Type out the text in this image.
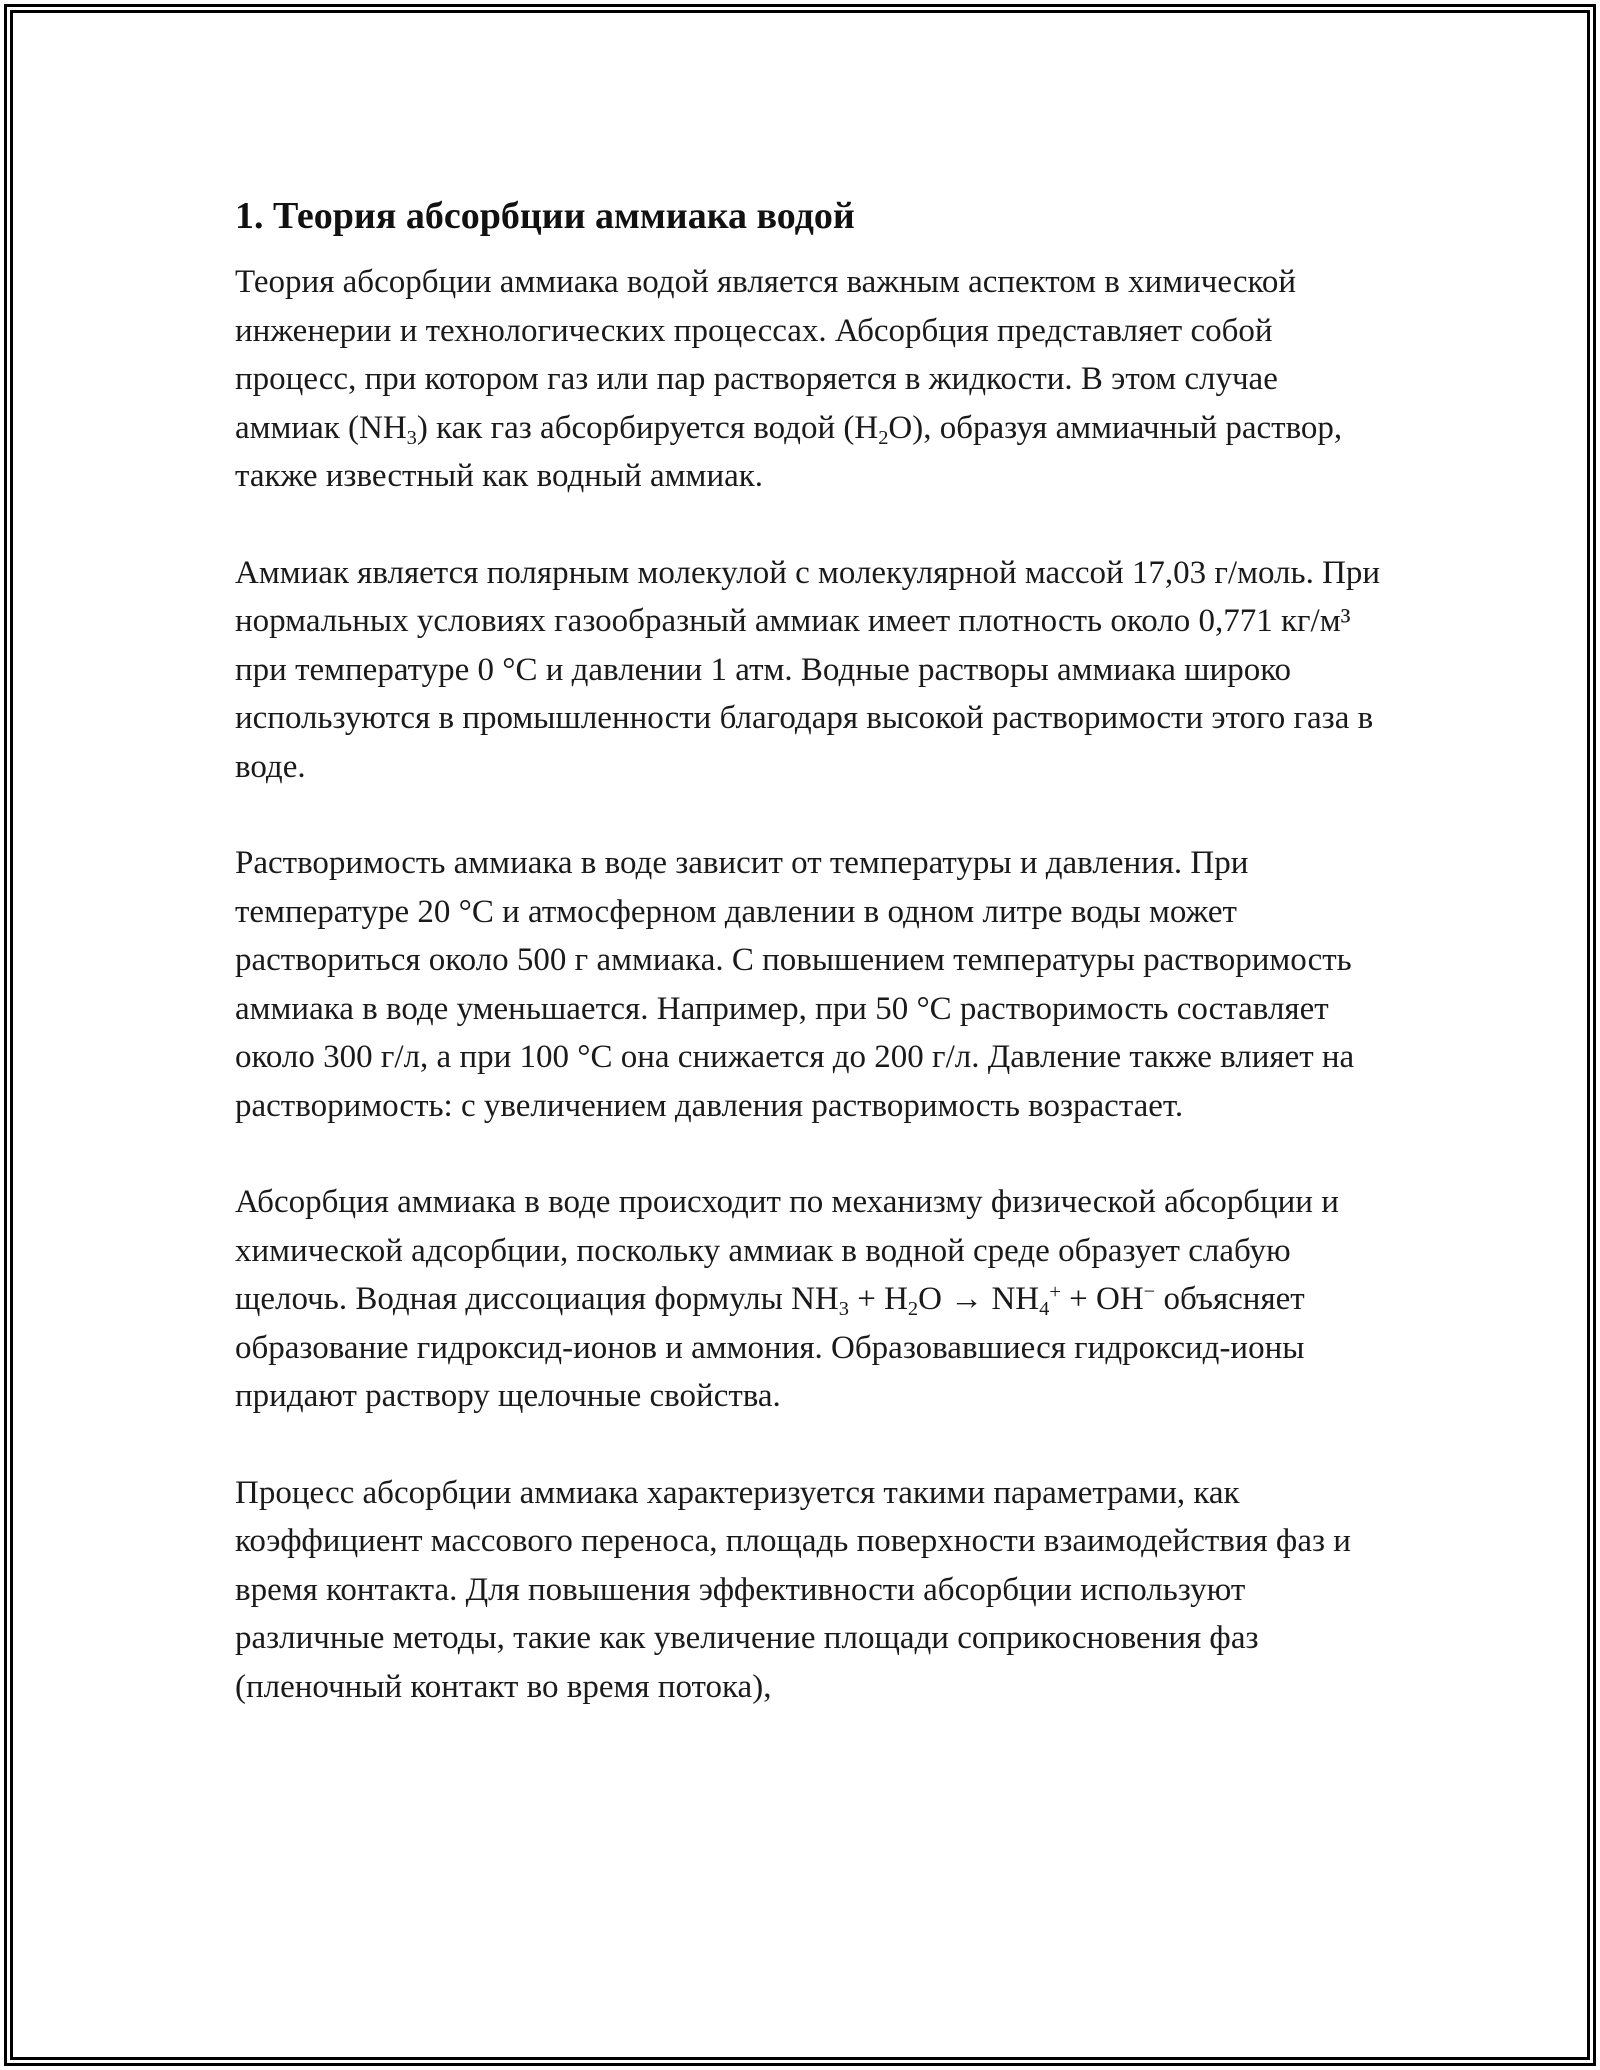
1. Теория абсорбции аммиака водой

Теория абсорбции аммиака водой является важным аспектом в химической инженерии и технологических процессах. Абсорбция представляет собой процесс, при котором газ или пар растворяется в жидкости. В этом случае аммиак $(NH_3)$ как газ абсорбируется водой $(H_2O)$, образуя аммиачный раствор, также известный как водный аммиак.

Аммиак является полярным молекулой с молекулярной массой 17,03 г/моль. При нормальных условиях газообразный аммиак имеет плотность около 0,771 кг/м³ при температуре 0 °C и давлении 1 атм. Водные растворы аммиака широко используются в промышленности благодаря высокой растворимости этого газа в воде.

Растворимость аммиака в воде зависит от температуры и давления. При температуре 20 °C и атмосферном давлении в одном литре воды может раствориться около 500 г аммиака. С повышением температуры растворимость аммиака в воде уменьшается. Например, при 50 °C растворимость составляет около 300 г/л, а при 100 °C она снижается до 200 г/л. Давление также влияет на растворимость: с увеличением давления растворимость возрастает.

Абсорбция аммиака в воде происходит по механизму физической абсорбции и химической адсорбции, поскольку аммиак в водной среде образует слабую щелочь. Водная диссоциация формулы $NH_3 + H_2O \to NH_4^+ + OH^-$ объясняет образование гидроксид-ионов и аммония. Образовавшиеся гидроксид-ионы придают раствору щелочные свойства.

Процесс абсорбции аммиака характеризуется такими параметрами, как коэффициент массового переноса, площадь поверхности взаимодействия фаз и время контакта. Для повышения эффективности абсорбции используют различные методы, такие как увеличение площади соприкосновения фаз (пленочный контакт во время потока),
